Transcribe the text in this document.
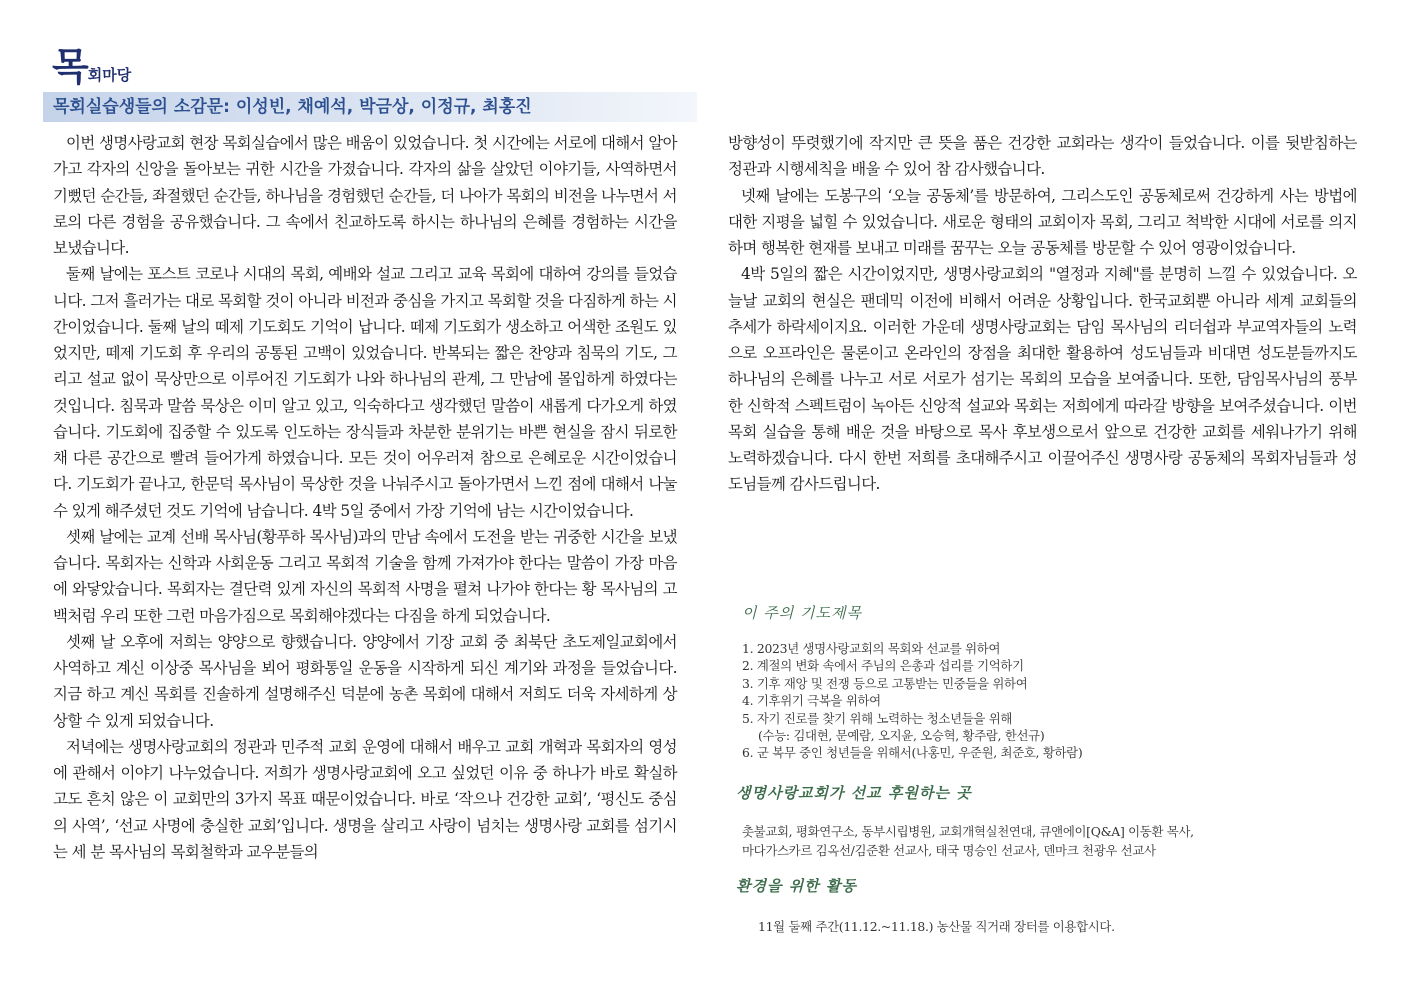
목회마당
목회실습생들의 소감문: 이성빈, 채예석, 박금상, 이정규, 최홍진

이번 생명사랑교회 현장 목회실습에서 많은 배움이 있었습니다. 첫 시간에는 서로에 대해서 알아가고 각자의 신앙을 돌아보는 귀한 시간을 가졌습니다. 각자의 삶을 살았던 이야기들, 사역하면서 기뻤던 순간들, 좌절했던 순간들, 하나님을 경험했던 순간들, 더 나아가 목회의 비전을 나누면서 서로의 다른 경험을 공유했습니다. 그 속에서 친교하도록 하시는 하나님의 은혜를 경험하는 시간을 보냈습니다.

둘째 날에는 포스트 코로나 시대의 목회, 예배와 설교 그리고 교육 목회에 대하여 강의를 들었습니다. 그저 흘러가는 대로 목회할 것이 아니라 비전과 중심을 가지고 목회할 것을 다짐하게 하는 시간이었습니다. 둘째 날의 떼제 기도회도 기억이 납니다. 떼제 기도회가 생소하고 어색한 조원도 있었지만, 떼제 기도회 후 우리의 공통된 고백이 있었습니다. 반복되는 짧은 찬양과 침묵의 기도, 그리고 설교 없이 묵상만으로 이루어진 기도회가 나와 하나님의 관계, 그 만남에 몰입하게 하였다는 것입니다. 침묵과 말씀 묵상은 이미 알고 있고, 익숙하다고 생각했던 말씀이 새롭게 다가오게 하였습니다. 기도회에 집중할 수 있도록 인도하는 장식들과 차분한 분위기는 바쁜 현실을 잠시 뒤로한 채 다른 공간으로 빨려 들어가게 하였습니다. 모든 것이 어우러져 참으로 은혜로운 시간이었습니다. 기도회가 끝나고, 한문덕 목사님이 묵상한 것을 나눠주시고 돌아가면서 느낀 점에 대해서 나눌 수 있게 해주셨던 것도 기억에 남습니다. 4박 5일 중에서 가장 기억에 남는 시간이었습니다.

셋째 날에는 교계 선배 목사님(황푸하 목사님)과의 만남 속에서 도전을 받는 귀중한 시간을 보냈습니다. 목회자는 신학과 사회운동 그리고 목회적 기술을 함께 가져가야 한다는 말씀이 가장 마음에 와닿았습니다. 목회자는 결단력 있게 자신의 목회적 사명을 펼쳐 나가야 한다는 황 목사님의 고백처럼 우리 또한 그런 마음가짐으로 목회해야겠다는 다짐을 하게 되었습니다.

셋째 날 오후에 저희는 양양으로 향했습니다. 양양에서 기장 교회 중 최북단 초도제일교회에서 사역하고 계신 이상중 목사님을 뵈어 평화통일 운동을 시작하게 되신 계기와 과정을 들었습니다. 지금 하고 계신 목회를 진솔하게 설명해주신 덕분에 농촌 목회에 대해서 저희도 더욱 자세하게 상상할 수 있게 되었습니다.

저녁에는 생명사랑교회의 정관과 민주적 교회 운영에 대해서 배우고 교회 개혁과 목회자의 영성에 관해서 이야기 나누었습니다. 저희가 생명사랑교회에 오고 싶었던 이유 중 하나가 바로 확실하고도 흔치 않은 이 교회만의 3가지 목표 때문이었습니다. 바로 ‘작으나 건강한 교회’, ‘평신도 중심의 사역’, ‘선교 사명에 충실한 교회’입니다. 생명을 살리고 사랑이 넘치는 생명사랑 교회를 섬기시는 세 분 목사님의 목회철학과 교우분들의

방향성이 뚜렷했기에 작지만 큰 뜻을 품은 건강한 교회라는 생각이 들었습니다. 이를 뒷받침하는 정관과 시행세칙을 배울 수 있어 참 감사했습니다.

넷째 날에는 도봉구의 ‘오늘 공동체’를 방문하여, 그리스도인 공동체로써 건강하게 사는 방법에 대한 지평을 넓힐 수 있었습니다. 새로운 형태의 교회이자 목회, 그리고 척박한 시대에 서로를 의지하며 행복한 현재를 보내고 미래를 꿈꾸는 오늘 공동체를 방문할 수 있어 영광이었습니다.

4박 5일의 짧은 시간이었지만, 생명사랑교회의 "열정과 지혜"를 분명히 느낄 수 있었습니다. 오늘날 교회의 현실은 팬데믹 이전에 비해서 어려운 상황입니다. 한국교회뿐 아니라 세계 교회들의 추세가 하락세이지요. 이러한 가운데 생명사랑교회는 담임 목사님의 리더쉽과 부교역자들의 노력으로 오프라인은 물론이고 온라인의 장점을 최대한 활용하여 성도님들과 비대면 성도분들까지도 하나님의 은혜를 나누고 서로 서로가 섬기는 목회의 모습을 보여줍니다. 또한, 담임목사님의 풍부한 신학적 스펙트럼이 녹아든 신앙적 설교와 목회는 저희에게 따라갈 방향을 보여주셨습니다. 이번 목회 실습을 통해 배운 것을 바탕으로 목사 후보생으로서 앞으로 건강한 교회를 세워나가기 위해 노력하겠습니다. 다시 한번 저희를 초대해주시고 이끌어주신 생명사랑 공동체의 목회자님들과 성도님들께 감사드립니다.

이 주의 기도제목
1. 2023년 생명사랑교회의 목회와 선교를 위하여
2. 계절의 변화 속에서 주님의 은총과 섭리를 기억하기
3. 기후 재앙 및 전쟁 등으로 고통받는 민중들을 위하여
4. 기후위기 극복을 위하여
5. 자기 진로를 찾기 위해 노력하는 청소년들을 위해
(수능: 김대현, 문예람, 오지윤, 오승혁, 황주람, 한선규)
6. 군 복무 중인 청년들을 위해서(나홍민, 우준원, 최준호, 황하람)
생명사랑교회가 선교 후원하는 곳
촛불교회, 평화연구소, 동부시립병원, 교회개혁실천연대, 큐앤에이[Q&A] 이동환 목사,
마다가스카르 김옥선/김준환 선교사, 태국 명승인 선교사, 덴마크 천광우 선교사
환경을 위한 활동
11월 둘째 주간(11.12.~11.18.) 농산물 직거래 장터를 이용합시다.
